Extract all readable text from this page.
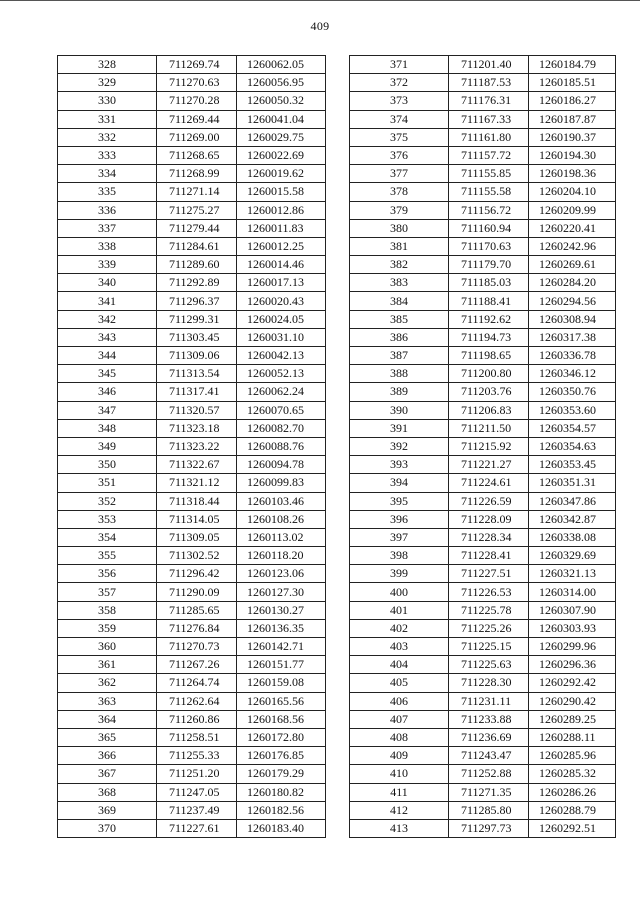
409
328	711269.74	1260062.05
329	711270.63	1260056.95
330	711270.28	1260050.32
331	711269.44	1260041.04
332	711269.00	1260029.75
333	711268.65	1260022.69
334	711268.99	1260019.62
335	711271.14	1260015.58
336	711275.27	1260012.86
337	711279.44	1260011.83
338	711284.61	1260012.25
339	711289.60	1260014.46
340	711292.89	1260017.13
341	711296.37	1260020.43
342	711299.31	1260024.05
343	711303.45	1260031.10
344	711309.06	1260042.13
345	711313.54	1260052.13
346	711317.41	1260062.24
347	711320.57	1260070.65
348	711323.18	1260082.70
349	711323.22	1260088.76
350	711322.67	1260094.78
351	711321.12	1260099.83
352	711318.44	1260103.46
353	711314.05	1260108.26
354	711309.05	1260113.02
355	711302.52	1260118.20
356	711296.42	1260123.06
357	711290.09	1260127.30
358	711285.65	1260130.27
359	711276.84	1260136.35
360	711270.73	1260142.71
361	711267.26	1260151.77
362	711264.74	1260159.08
363	711262.64	1260165.56
364	711260.86	1260168.56
365	711258.51	1260172.80
366	711255.33	1260176.85
367	711251.20	1260179.29
368	711247.05	1260180.82
369	711237.49	1260182.56
370	711227.61	1260183.40
371	711201.40	1260184.79
372	711187.53	1260185.51
373	711176.31	1260186.27
374	711167.33	1260187.87
375	711161.80	1260190.37
376	711157.72	1260194.30
377	711155.85	1260198.36
378	711155.58	1260204.10
379	711156.72	1260209.99
380	711160.94	1260220.41
381	711170.63	1260242.96
382	711179.70	1260269.61
383	711185.03	1260284.20
384	711188.41	1260294.56
385	711192.62	1260308.94
386	711194.73	1260317.38
387	711198.65	1260336.78
388	711200.80	1260346.12
389	711203.76	1260350.76
390	711206.83	1260353.60
391	711211.50	1260354.57
392	711215.92	1260354.63
393	711221.27	1260353.45
394	711224.61	1260351.31
395	711226.59	1260347.86
396	711228.09	1260342.87
397	711228.34	1260338.08
398	711228.41	1260329.69
399	711227.51	1260321.13
400	711226.53	1260314.00
401	711225.78	1260307.90
402	711225.26	1260303.93
403	711225.15	1260299.96
404	711225.63	1260296.36
405	711228.30	1260292.42
406	711231.11	1260290.42
407	711233.88	1260289.25
408	711236.69	1260288.11
409	711243.47	1260285.96
410	711252.88	1260285.32
411	711271.35	1260286.26
412	711285.80	1260288.79
413	711297.73	1260292.51
